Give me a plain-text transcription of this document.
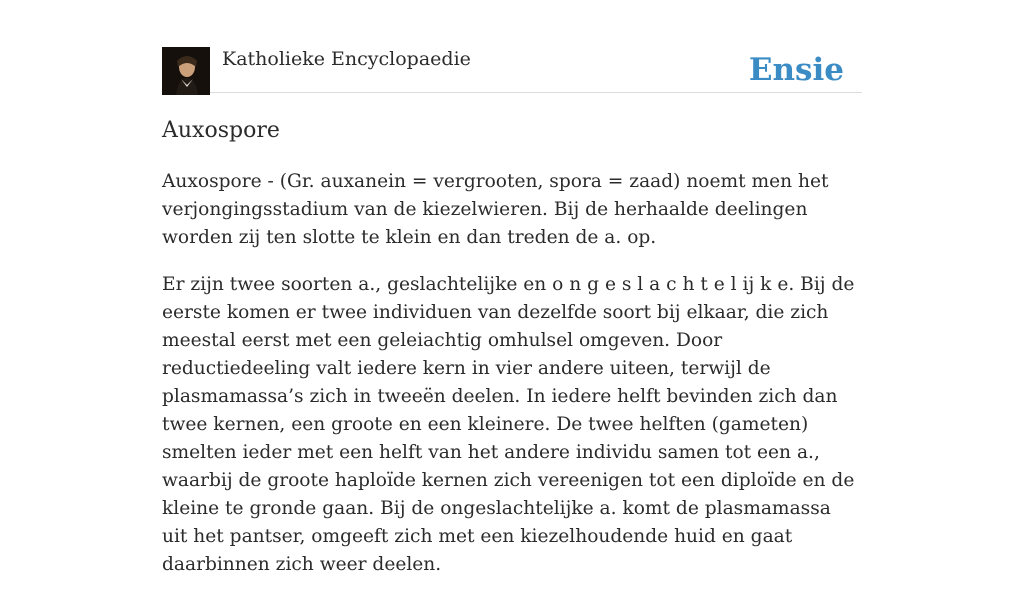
Katholieke Encyclopaedie	Ensie
Auxospore

Auxospore - (Gr. auxanein = vergrooten, spora = zaad) noemt men het verjongingsstadium van de kiezelwieren. Bij de herhaalde deelingen worden zij ten slotte te klein en dan treden de a. op.

Er zijn twee soorten a., geslachtelijke en o n g e s l a c h t e l ij k e. Bij de eerste komen er twee individuen van dezelfde soort bij elkaar, die zich meestal eerst met een geleiachtig omhulsel omgeven. Door reductiedeeling valt iedere kern in vier andere uiteen, terwijl de plasmamassa’s zich in tweeën deelen. In iedere helft bevinden zich dan twee kernen, een groote en een kleinere. De twee helften (gameten) smelten ieder met een helft van het andere individu samen tot een a., waarbij de groote haploïde kernen zich vereenigen tot een diploïde en de kleine te gronde gaan. Bij de ongeslachtelijke a. komt de plasmamassa uit het pantser, omgeeft zich met een kiezelhoudende huid en gaat daarbinnen zich weer deelen.
